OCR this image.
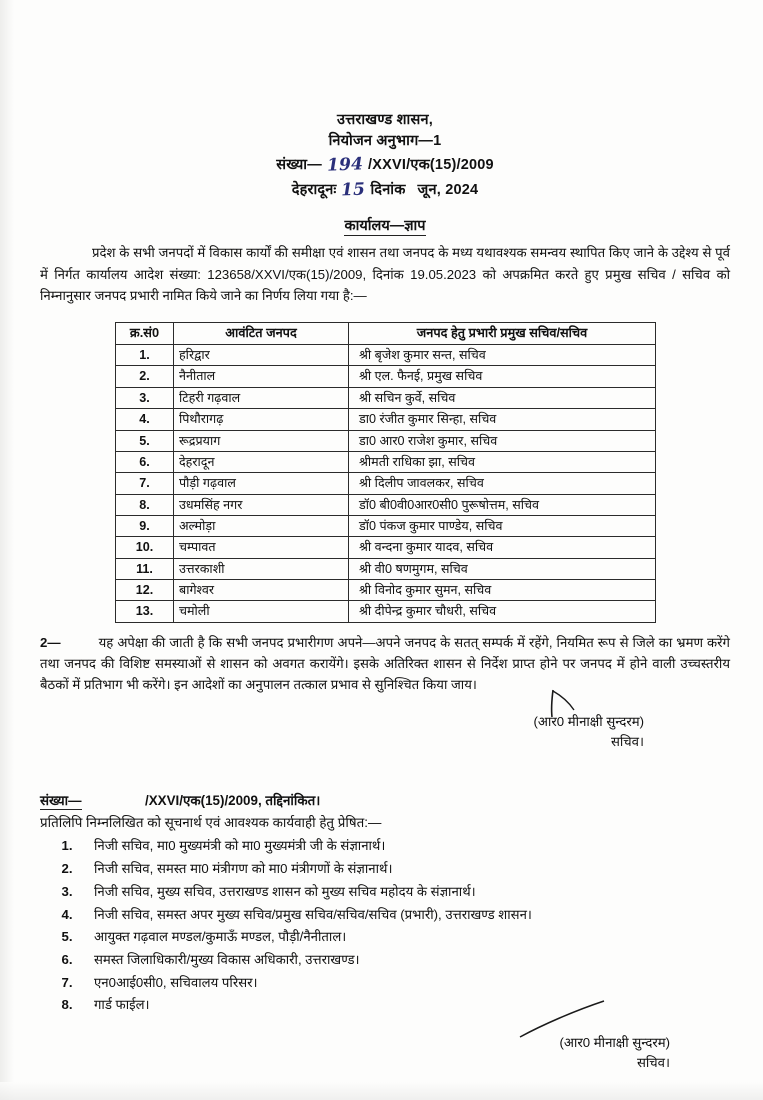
उत्तराखण्ड शासन,
नियोजन अनुभाग—1
संख्या— 194 /XXVI/एक(15)/2009
देहरादूनः 15 दिनांक जून, 2024
कार्यालय—ज्ञाप
प्रदेश के सभी जनपदों में विकास कार्यों की समीक्षा एवं शासन तथा जनपद के मध्य यथावश्यक समन्वय स्थापित किए जाने के उद्देश्य से पूर्व में निर्गत कार्यालय आदेश संख्या: 123658/XXVI/एक(15)/2009, दिनांक 19.05.2023 को अपक्रमित करते हुए प्रमुख सचिव / सचिव को निम्नानुसार जनपद प्रभारी नामित किये जाने का निर्णय लिया गया है:—
क्र.सं0	आवंटित जनपद	जनपद हेतु प्रभारी प्रमुख सचिव/सचिव
1.	हरिद्वार	श्री बृजेश कुमार सन्त, सचिव
2.	नैनीताल	श्री एल. फैनई, प्रमुख सचिव
3.	टिहरी गढ़वाल	श्री सचिन कुर्वे, सचिव
4.	पिथौरागढ़	डा0 रंजीत कुमार सिन्हा, सचिव
5.	रूद्रप्रयाग	डा0 आर0 राजेश कुमार, सचिव
6.	देहरादून	श्रीमती राधिका झा, सचिव
7.	पौड़ी गढ़वाल	श्री दिलीप जावलकर, सचिव
8.	उधमसिंह नगर	डॉ0 बी0वी0आर0सी0 पुरूषोत्तम, सचिव
9.	अल्मोड़ा	डॉ0 पंकज कुमार पाण्डेय, सचिव
10.	चम्पावत	श्री वन्दना कुमार यादव, सचिव
11.	उत्तरकाशी	श्री वी0 षणमुगम, सचिव
12.	बागेश्वर	श्री विनोद कुमार सुमन, सचिव
13.	चमोली	श्री दीपेन्द्र कुमार चौधरी, सचिव
2—	यह अपेक्षा की जाती है कि सभी जनपद प्रभारीगण अपने—अपने जनपद के सतत् सम्पर्क में रहेंगे, नियमित रूप से जिले का भ्रमण करेंगे तथा जनपद की विशिष्ट समस्याओं से शासन को अवगत करायेंगे। इसके अतिरिक्त शासन से निर्देश प्राप्त होने पर जनपद में होने वाली उच्चस्तरीय बैठकों में प्रतिभाग भी करेंगे। इन आदेशों का अनुपालन तत्काल प्रभाव से सुनिश्चित किया जाय।
(आर0 मीनाक्षी सुन्दरम)
सचिव।
संख्या—	/XXVI/एक(15)/2009, तद्दिनांकित।
प्रतिलिपि निम्नलिखित को सूचनार्थ एवं आवश्यक कार्यवाही हेतु प्रेषित:—
1.	निजी सचिव, मा0 मुख्यमंत्री को मा0 मुख्यमंत्री जी के संज्ञानार्थ।
2.	निजी सचिव, समस्त मा0 मंत्रीगण को मा0 मंत्रीगणों के संज्ञानार्थ।
3.	निजी सचिव, मुख्य सचिव, उत्तराखण्ड शासन को मुख्य सचिव महोदय के संज्ञानार्थ।
4.	निजी सचिव, समस्त अपर मुख्य सचिव/प्रमुख सचिव/सचिव/सचिव (प्रभारी), उत्तराखण्ड शासन।
5.	आयुक्त गढ़वाल मण्डल/कुमाऊँ मण्डल, पौड़ी/नैनीताल।
6.	समस्त जिलाधिकारी/मुख्य विकास अधिकारी, उत्तराखण्ड।
7.	एन0आई0सी0, सचिवालय परिसर।
8.	गार्ड फाईल।
(आर0 मीनाक्षी सुन्दरम)
सचिव।
